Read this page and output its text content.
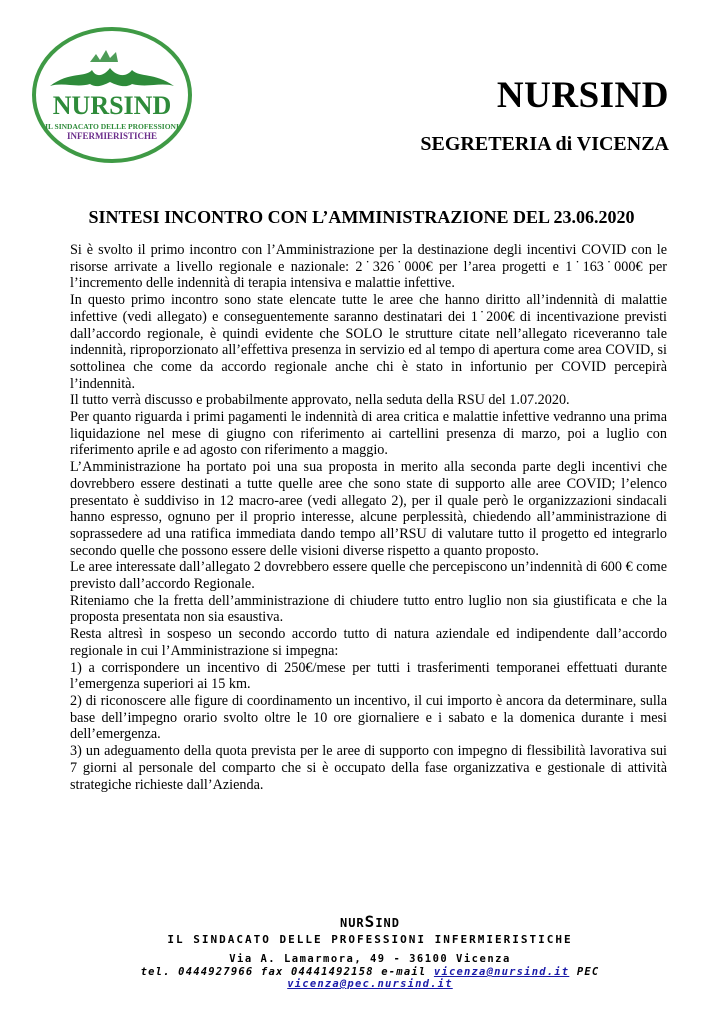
NURSIND
IL SINDACATO DELLE PROFESSIONI
INFERMIERISTICHE
NURSIND
SEGRETERIA di VICENZA
SINTESI INCONTRO CON L’AMMINISTRAZIONE DEL 23.06.2020

Si è svolto il primo incontro con l’Amministrazione per la destinazione degli incentivi COVID con le risorse arrivate a livello regionale e nazionale: 2˙326˙000€ per l’area progetti e 1˙163˙000€ per l’incremento delle indennità di terapia intensiva e malattie infettive.

In questo primo incontro sono state elencate tutte le aree che hanno diritto all’indennità di malattie infettive (vedi allegato) e conseguentemente saranno destinatari dei 1˙200€ di incentivazione previsti dall’accordo regionale, è quindi evidente che SOLO le strutture citate nell’allegato riceveranno tale indennità, riproporzionato all’effettiva presenza in servizio ed al tempo di apertura come area COVID, si sottolinea che come da accordo regionale anche chi è stato in infortunio per COVID percepirà l’indennità.

Il tutto verrà discusso e probabilmente approvato, nella seduta della RSU del 1.07.2020.

Per quanto riguarda i primi pagamenti le indennità di area critica e malattie infettive vedranno una prima liquidazione nel mese di giugno con riferimento ai cartellini presenza di marzo, poi a luglio con riferimento aprile e ad agosto con riferimento a maggio.

L’Amministrazione ha portato poi una sua proposta in merito alla seconda parte degli incentivi che dovrebbero essere destinati a tutte quelle aree che sono state di supporto alle aree COVID; l’elenco presentato è suddiviso in 12 macro-aree (vedi allegato 2), per il quale però le organizzazioni sindacali hanno espresso, ognuno per il proprio interesse, alcune perplessità, chiedendo all’amministrazione di soprassedere ad una ratifica immediata dando tempo all’RSU di valutare tutto il progetto ed integrarlo secondo quelle che possono essere delle visioni diverse rispetto a quanto proposto.

Le aree interessate dall’allegato 2 dovrebbero essere quelle che percepiscono un’indennità di 600 € come previsto dall’accordo Regionale.

Riteniamo che la fretta dell’amministrazione di chiudere tutto entro luglio non sia giustificata e che la proposta presentata non sia esaustiva.

Resta altresì in sospeso un secondo accordo tutto di natura aziendale ed indipendente dall’accordo regionale in cui l’Amministrazione si impegna:

1) a corrispondere un incentivo di 250€/mese per tutti i trasferimenti temporanei effettuati durante l’emergenza superiori ai 15 km.

2) di riconoscere alle figure di coordinamento un incentivo, il cui importo è ancora da determinare, sulla base dell’impegno orario svolto oltre le 10 ore giornaliere e i sabato e la domenica durante i mesi dell’emergenza.

3) un adeguamento della quota prevista per le aree di supporto con impegno di flessibilità lavorativa sui 7 giorni al personale del comparto che si è occupato della fase organizzativa e gestionale di attività strategiche richieste dall’Azienda.

NURSIND
IL SINDACATO DELLE PROFESSIONI INFERMIERISTICHE
Via A. Lamarmora, 49 - 36100 Vicenza
tel. 0444927966 fax 04441492158 e-mail vicenza@nursind.it PEC vicenza@pec.nursind.it
